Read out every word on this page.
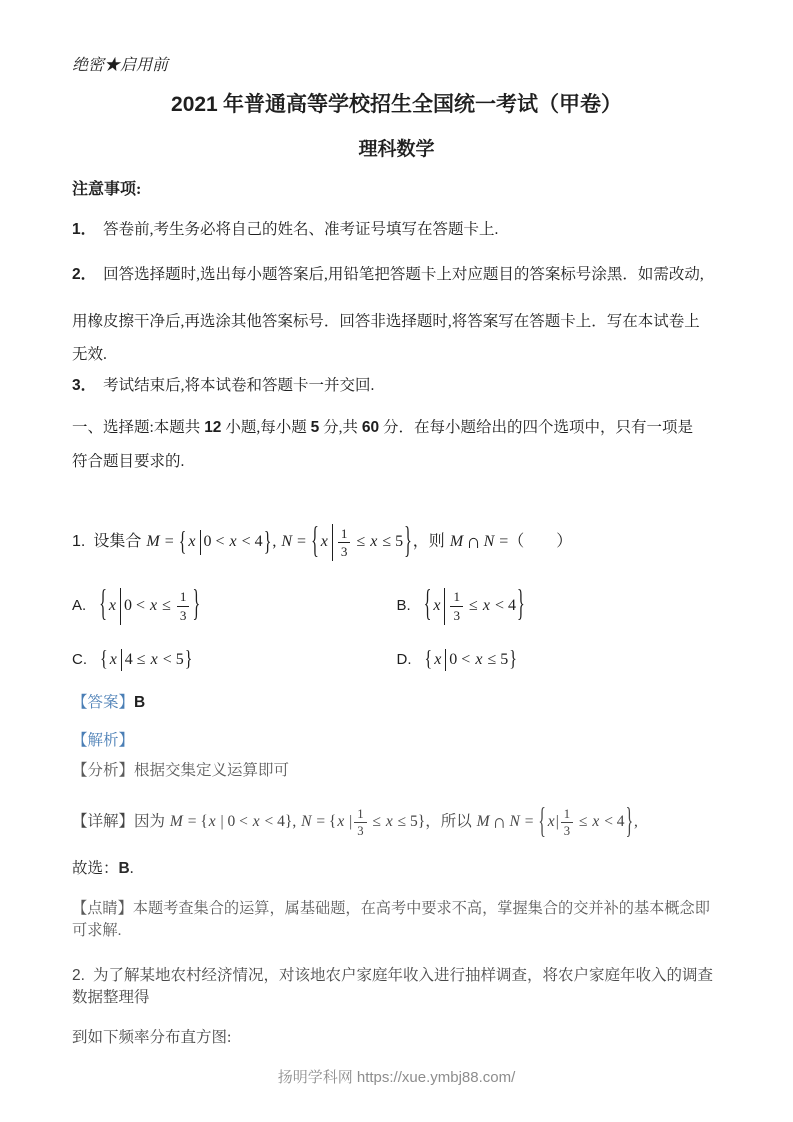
绝密★启用前
2021 年普通高等学校招生全国统一考试（甲卷）
理科数学
注意事项:
1． 答卷前,考生务必将自己的姓名、准考证号填写在答题卡上.
2． 回答选择题时,选出每小题答案后,用铅笔把答题卡上对应题目的答案标号涂黑．如需改动,
用橡皮擦干净后,再选涂其他答案标号．回答非选择题时,将答案写在答题卡上．写在本试卷上
无效.
3． 考试结束后,将本试卷和答题卡一并交回.
一、选择题:本题共 12 小题,每小题 5 分,共 60 分．在每小题给出的四个选项中，只有一项是
符合题目要求的.
1. 设集合 M = { x 0 < x < 4}, N = { x $\frac{1}{3} \le x \le 5$}，则 M ∩ N =（　　）
A. { x $0 < x \le \frac{1}{3}$ }	B. { x $\frac{1}{3} \le x < 4$}
C. { x 4 ≤ x < 5}	D. { x 0 < x ≤ 5}
【答案】B
【解析】
【分析】根据交集定义运算即可
【详解】因为 M = {x | 0 < x < 4}, N = {x | $\frac{1}{3} \le x \le 5$}，所以 M ∩ N = { $x| \frac{1}{3} \le x < 4$},
故选：B.
【点睛】本题考查集合的运算，属基础题，在高考中要求不高，掌握集合的交并补的基本概念即可求解.
2. 为了解某地农村经济情况，对该地农户家庭年收入进行抽样调查，将农户家庭年收入的调查数据整理得
到如下频率分布直方图:
扬明学科网 https://xue.ymbj88.com/
